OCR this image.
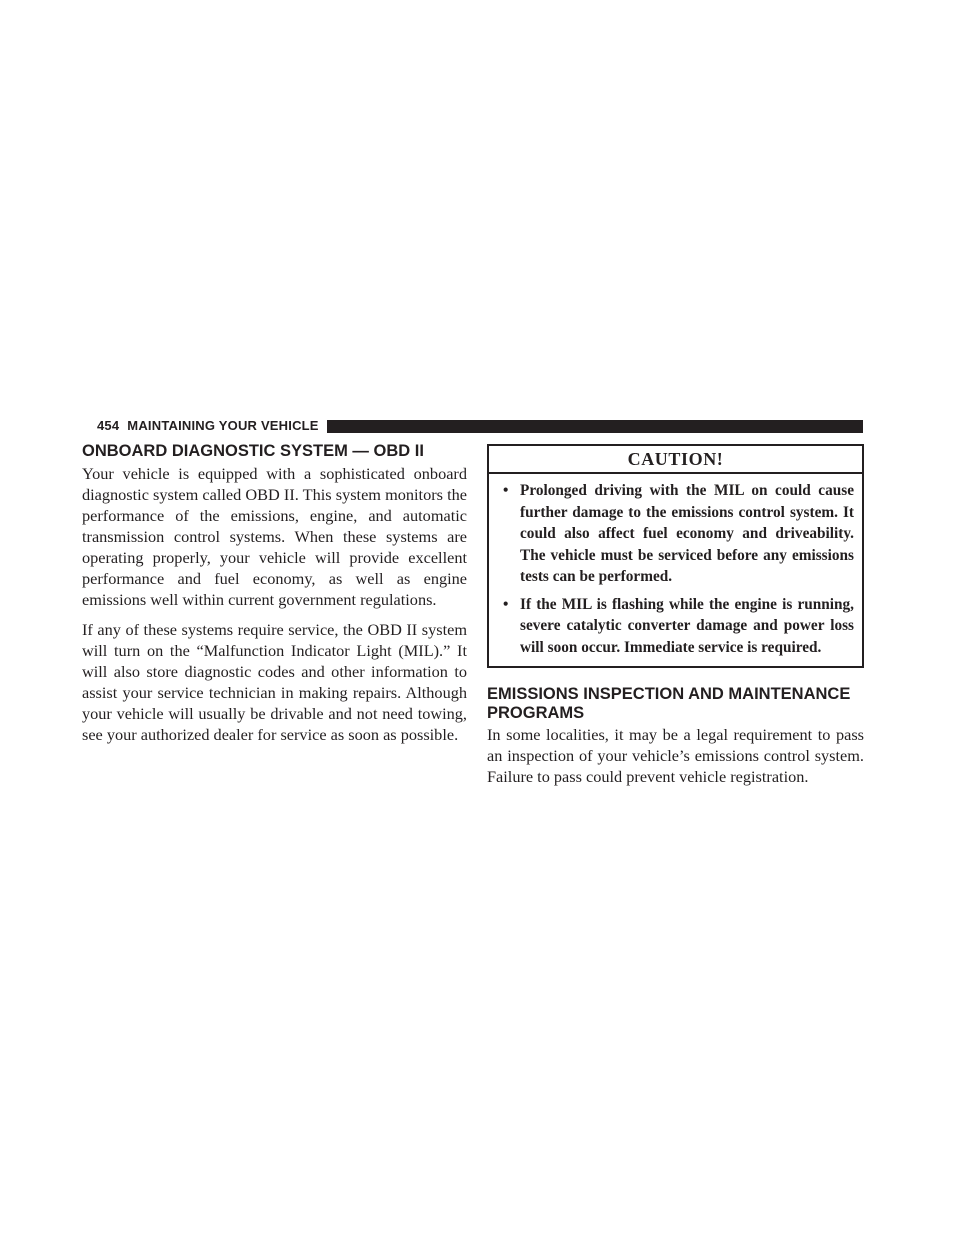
454 MAINTAINING YOUR VEHICLE
ONBOARD DIAGNOSTIC SYSTEM — OBD II

Your vehicle is equipped with a sophisticated onboard diagnostic system called OBD II. This system monitors the performance of the emissions, engine, and automatic transmission control systems. When these systems are operating properly, your vehicle will provide excellent performance and fuel economy, as well as engine emissions well within current government regulations.

If any of these systems require service, the OBD II system will turn on the “Malfunction Indicator Light (MIL).” It will also store diagnostic codes and other information to assist your service technician in making repairs. Although your vehicle will usually be drivable and not need towing, see your authorized dealer for service as soon as possible.

CAUTION!
• Prolonged driving with the MIL on could cause further damage to the emissions control system. It could also affect fuel economy and driveability. The vehicle must be serviced before any emissions tests can be performed.
• If the MIL is flashing while the engine is running, severe catalytic converter damage and power loss will soon occur. Immediate service is required.
EMISSIONS INSPECTION AND MAINTENANCE PROGRAMS

In some localities, it may be a legal requirement to pass an inspection of your vehicle’s emissions control system. Failure to pass could prevent vehicle registration.
